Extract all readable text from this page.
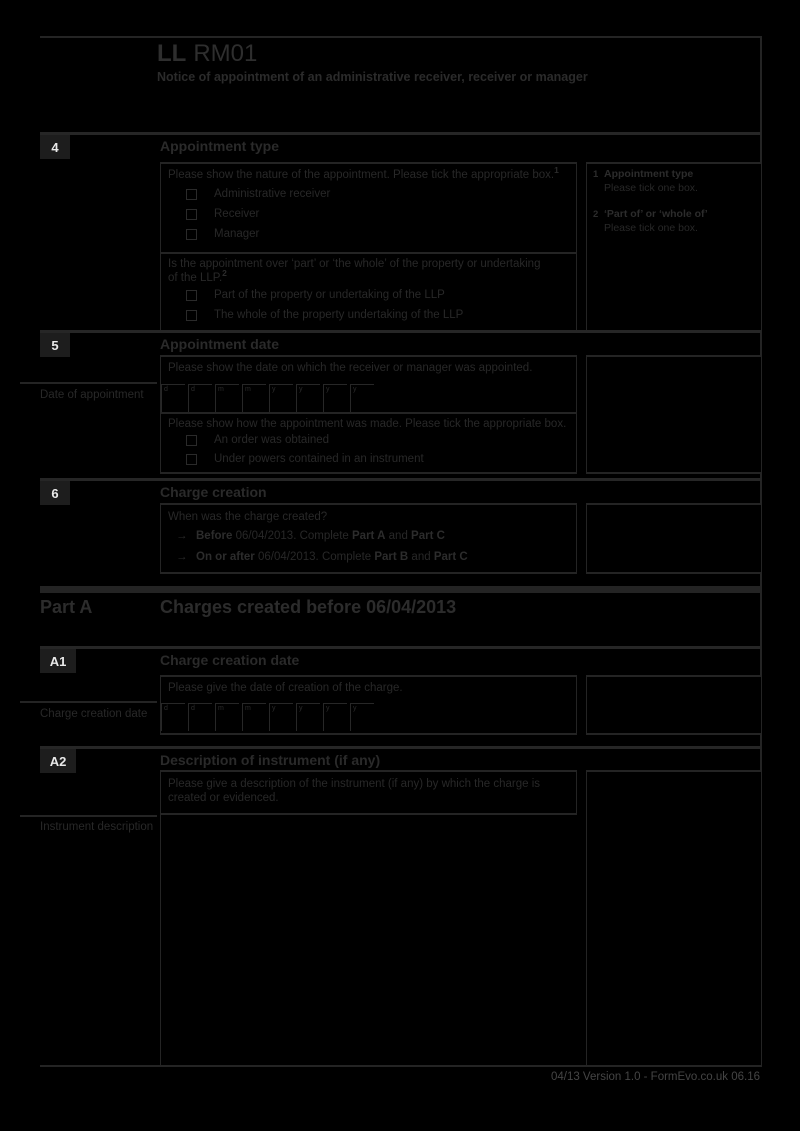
LL RM01
Notice of appointment of an administrative receiver, receiver or manager
4	Appointment type
Please show the nature of the appointment. Please tick the appropriate box.$^1$
Administrative receiver
Receiver
Manager
Is the appointment over ‘part’ or ‘the whole’ of the property or undertaking
of the LLP.$^2$
Part of the property or undertaking of the LLP
The whole of the property undertaking of the LLP
1 Appointment type
Please tick one box.
2 ‘Part of’ or ‘whole of’
Please tick one box.
5	Appointment date
Please show the date on which the receiver or manager was appointed.
d	d	m	m	y	y	y	y
Please show how the appointment was made. Please tick the appropriate box.
An order was obtained
Under powers contained in an instrument
Date of appointment
6	Charge creation
When was the charge created?
→ Before 06/04/2013. Complete Part A and Part C
→ On or after 06/04/2013. Complete Part B and Part C
Part A	Charges created before 06/04/2013
A1	Charge creation date
Please give the date of creation of the charge.
d	d	m	m	y	y	y	y
Charge creation date
A2	Description of instrument (if any)
Please give a description of the instrument (if any) by which the charge is
created or evidenced.
Instrument description
04/13 Version 1.0 - FormEvo.co.uk 06.16
